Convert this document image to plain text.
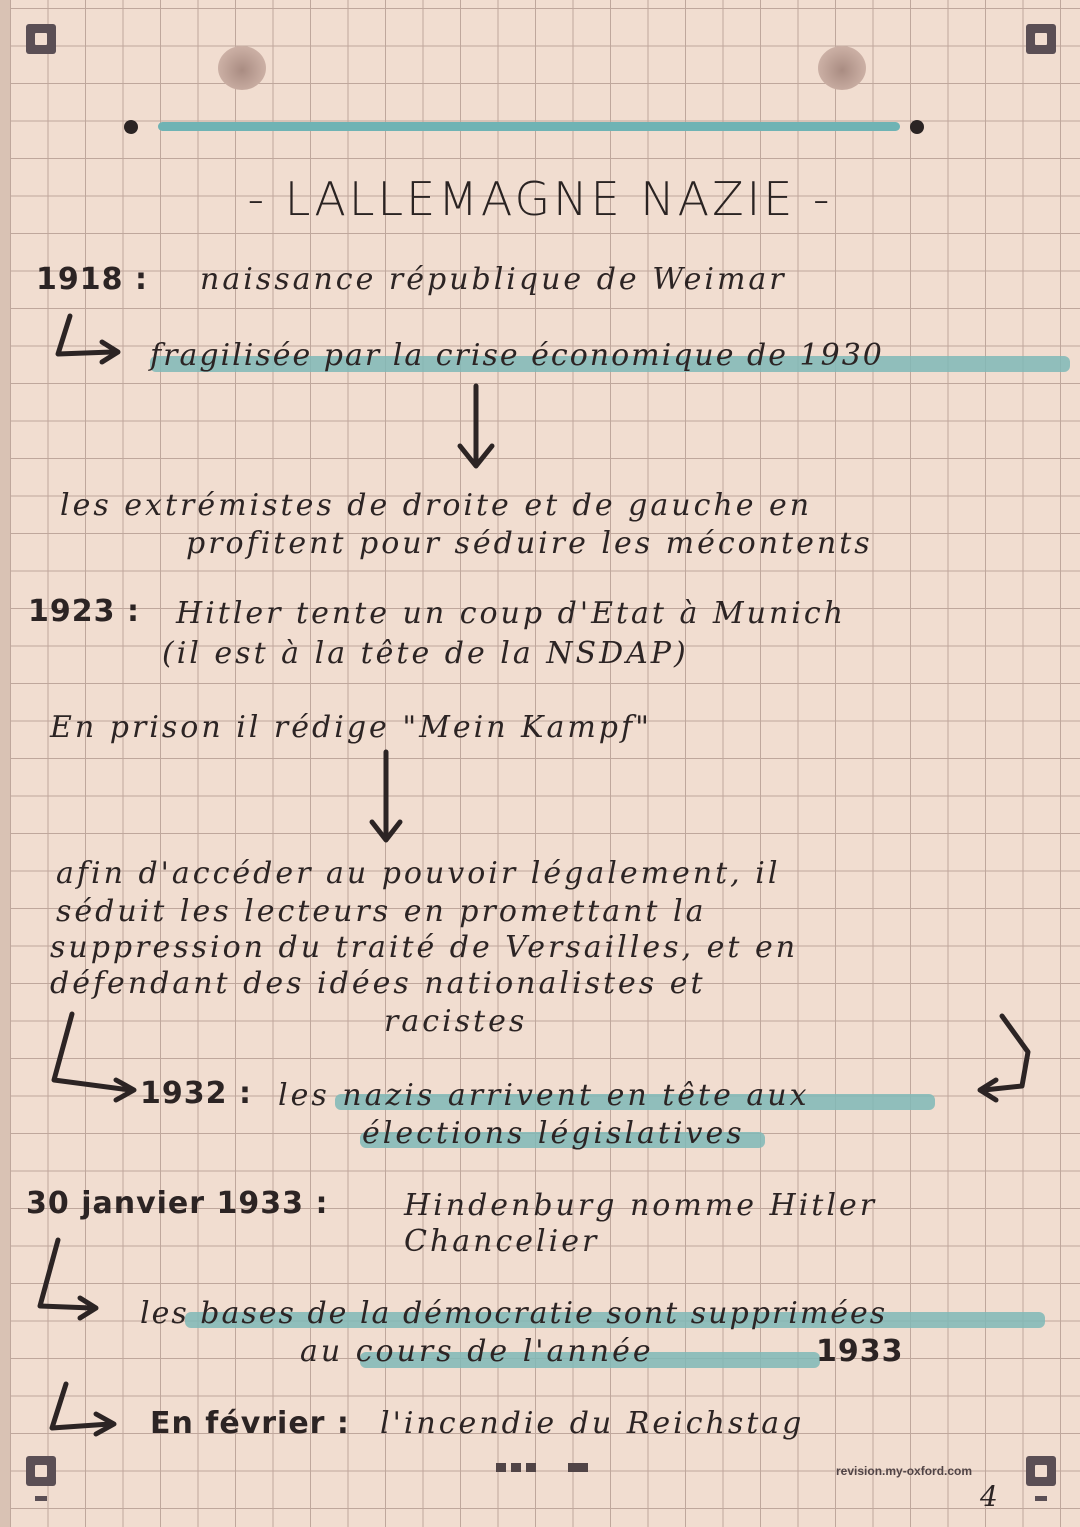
- LALLEMAGNE NAZIE -
1918 : naissance république de Weimar
fragilisée par la crise économique de 1930
les extrémistes de droite et de gauche en
profitent pour séduire les mécontents
1923 : Hitler tente un coup d'Etat à Munich
(il est à la tête de la NSDAP)
En prison il rédige "Mein Kampf"
afin d'accéder au pouvoir légalement, il
séduit les lecteurs en promettant la
suppression du traité de Versailles, et en
défendant des idées nationalistes et
racistes
1932 : les nazis arrivent en tête aux
élections législatives
30 janvier 1933 :	Hindenburg nomme Hitler
Chancelier
les bases de la démocratie sont supprimées
au cours de l'année	1933
En février : l'incendie du Reichstag
revision.my-oxford.com
4
